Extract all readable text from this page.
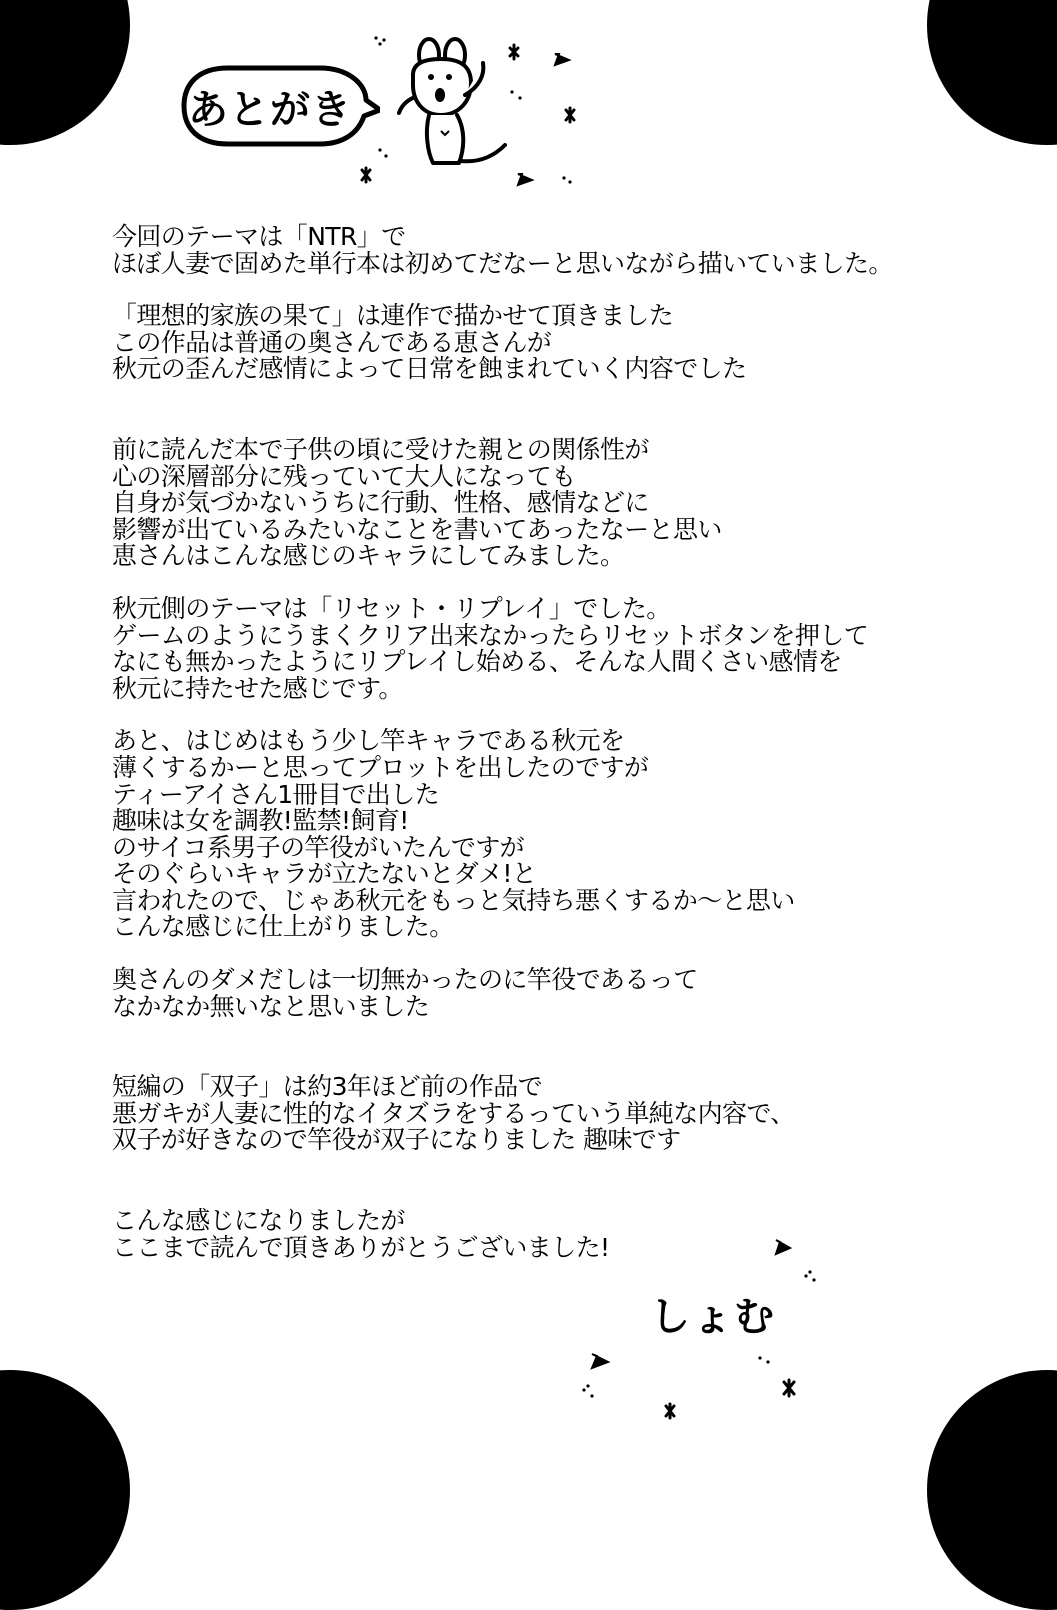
あとがき

今回のテーマは「NTR」で
ほぼ人妻で固めた単行本は初めてだなーと思いながら描いていました。

「理想的家族の果て」は連作で描かせて頂きました
この作品は普通の奥さんである恵さんが
秋元の歪んだ感情によって日常を蝕まれていく内容でした

前に読んだ本で子供の頃に受けた親との関係性が
心の深層部分に残っていて大人になっても
自身が気づかないうちに行動、性格、感情などに
影響が出ているみたいなことを書いてあったなーと思い
恵さんはこんな感じのキャラにしてみました。

秋元側のテーマは「リセット・リプレイ」でした。
ゲームのようにうまくクリア出来なかったらリセットボタンを押して
なにも無かったようにリプレイし始める、そんな人間くさい感情を
秋元に持たせた感じです。

あと、はじめはもう少し竿キャラである秋元を
薄くするかーと思ってプロットを出したのですが
ティーアイさん1冊目で出した
趣味は女を調教!監禁!飼育!
のサイコ系男子の竿役がいたんですが
そのぐらいキャラが立たないとダメ!と
言われたので、じゃあ秋元をもっと気持ち悪くするか～と思い
こんな感じに仕上がりました。

奥さんのダメだしは一切無かったのに竿役であるって
なかなか無いなと思いました

短編の「双子」は約3年ほど前の作品で
悪ガキが人妻に性的なイタズラをするっていう単純な内容で、
双子が好きなので竿役が双子になりました 趣味です

こんな感じになりましたが
ここまで読んで頂きありがとうございました!

しょむ
